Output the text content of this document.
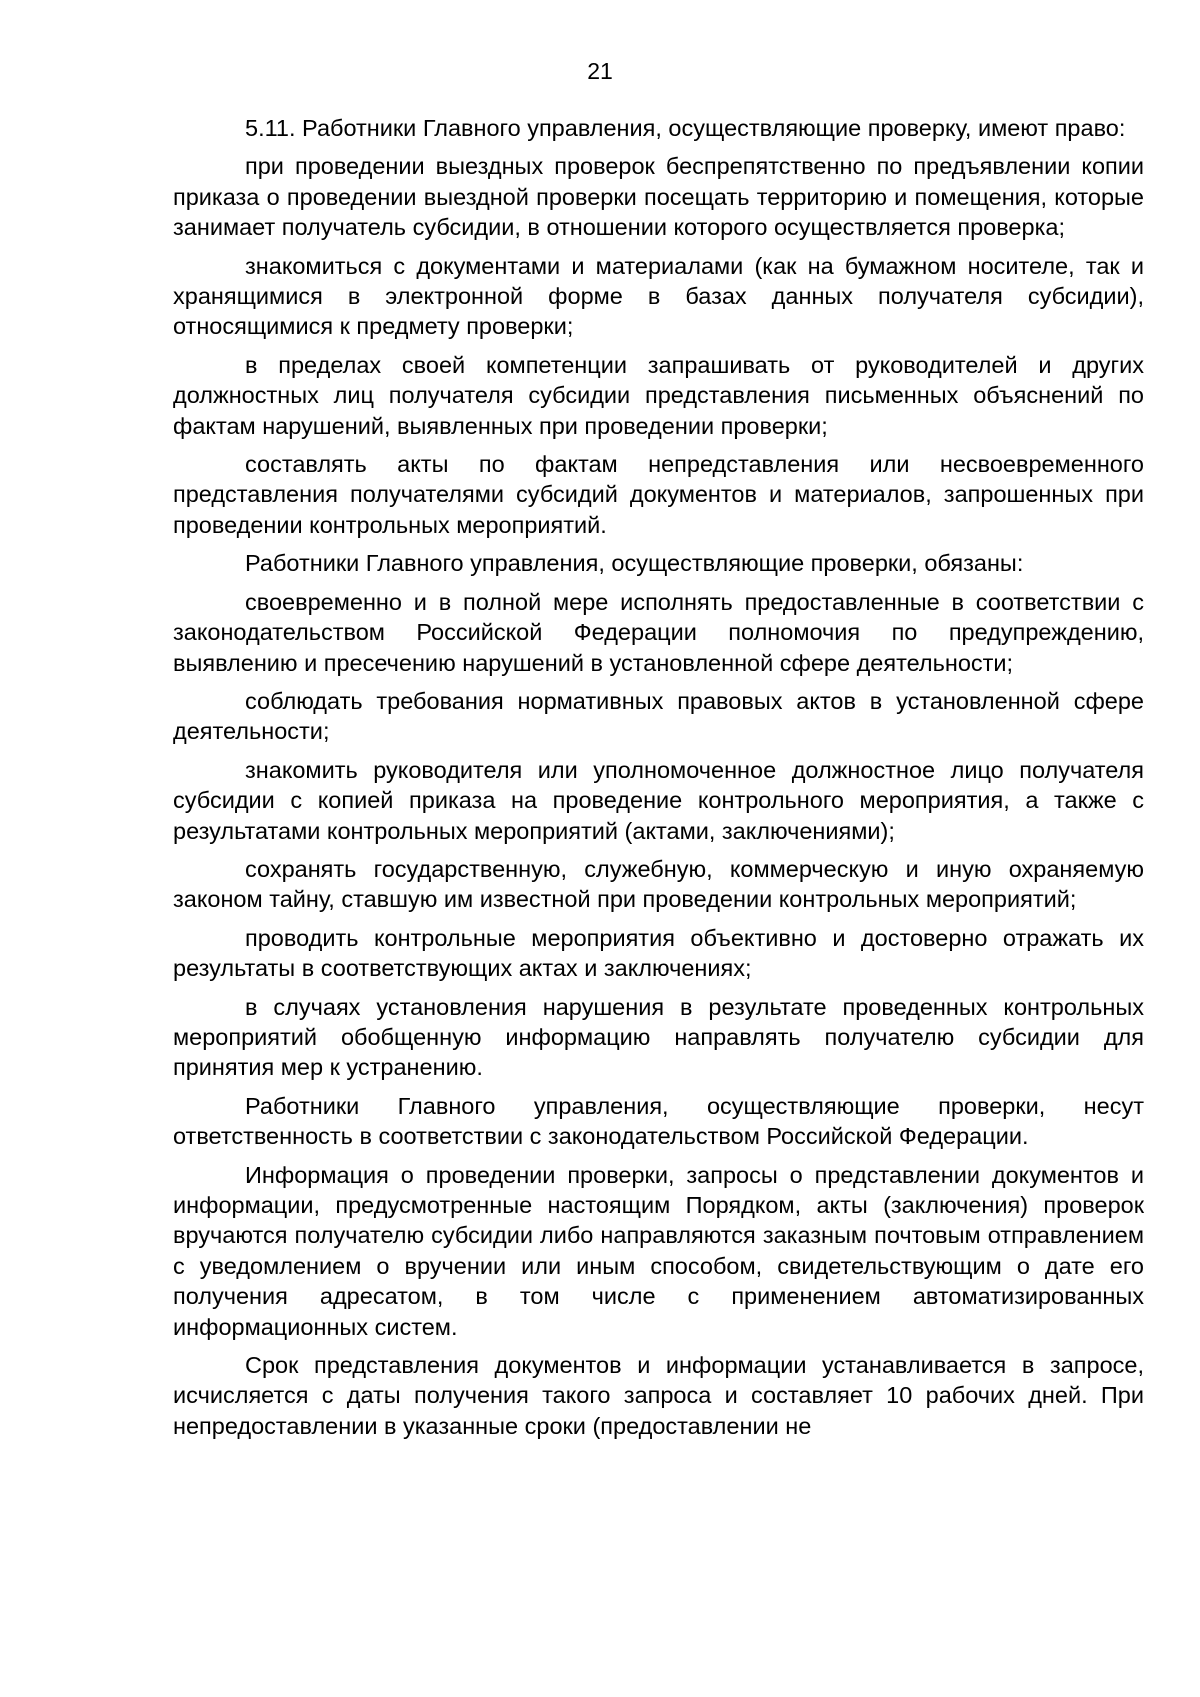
21

5.11. Работники Главного управления, осуществляющие проверку, имеют право:

при проведении выездных проверок беспрепятственно по предъявлении копии приказа о проведении выездной проверки посещать территорию и помещения, которые занимает получатель субсидии, в отношении которого осуществляется проверка;

знакомиться с документами и материалами (как на бумажном носителе, так и хранящимися в электронной форме в базах данных получателя субсидии), относящимися к предмету проверки;

в пределах своей компетенции запрашивать от руководителей и других должностных лиц получателя субсидии представления письменных объяснений по фактам нарушений, выявленных при проведении проверки;

составлять акты по фактам непредставления или несвоевременного представления получателями субсидий документов и материалов, запрошенных при проведении контрольных мероприятий.

Работники Главного управления, осуществляющие проверки, обязаны:

своевременно и в полной мере исполнять предоставленные в соответствии с законодательством Российской Федерации полномочия по предупреждению, выявлению и пресечению нарушений в установленной сфере деятельности;

соблюдать требования нормативных правовых актов в установленной сфере деятельности;

знакомить руководителя или уполномоченное должностное лицо получателя субсидии с копией приказа на проведение контрольного мероприятия, а также с результатами контрольных мероприятий (актами, заключениями);

сохранять государственную, служебную, коммерческую и иную охраняемую законом тайну, ставшую им известной при проведении контрольных мероприятий;

проводить контрольные мероприятия объективно и достоверно отражать их результаты в соответствующих актах и заключениях;

в случаях установления нарушения в результате проведенных контрольных мероприятий обобщенную информацию направлять получателю субсидии для принятия мер к устранению.

Работники Главного управления, осуществляющие проверки, несут ответственность в соответствии с законодательством Российской Федерации.

Информация о проведении проверки, запросы о представлении документов и информации, предусмотренные настоящим Порядком, акты (заключения) проверок вручаются получателю субсидии либо направляются заказным почтовым отправлением с уведомлением о вручении или иным способом, свидетельствующим о дате его получения адресатом, в том числе с применением автоматизированных информационных систем.

Срок представления документов и информации устанавливается в запросе, исчисляется с даты получения такого запроса и составляет 10 рабочих дней. При непредоставлении в указанные сроки (предоставлении не
